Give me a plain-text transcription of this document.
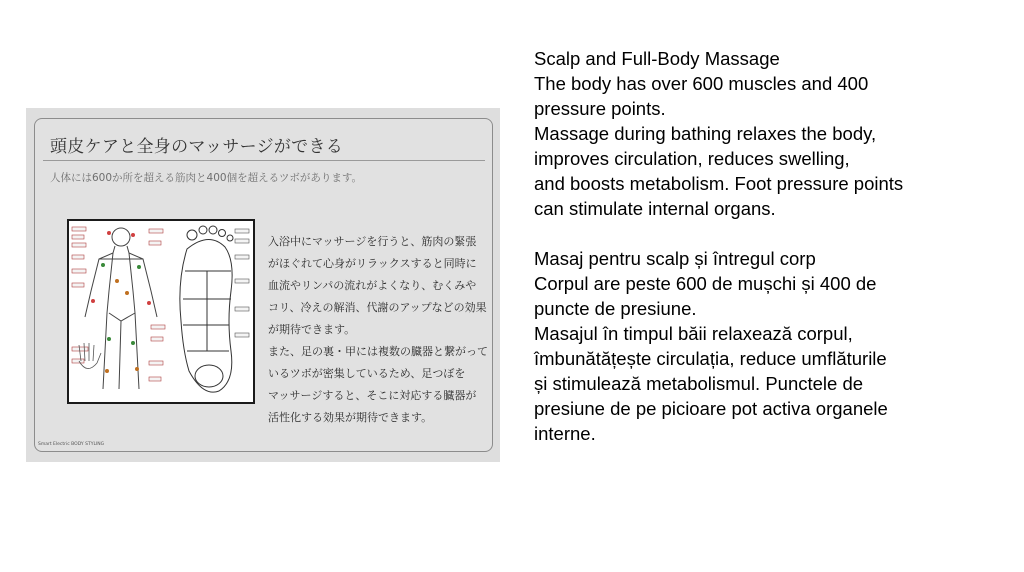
頭皮ケアと全身のマッサージができる
人体には600か所を超える筋肉と400個を超えるツボがあります。

入浴中にマッサージを行うと、筋肉の緊張

がほぐれて心身がリラックスすると同時に

血流やリンパの流れがよくなり、むくみや

コリ、冷えの解消、代謝のアップなどの効果

が期待できます。

また、足の裏・甲には複数の臓器と繋がって

いるツボが密集しているため、足つぼを

マッサージすると、そこに対応する臓器が

活性化する効果が期待できます。

Smart Electric BODY STYLING

Scalp and Full-Body Massage

The body has over 600 muscles and 400

pressure points.

Massage during bathing relaxes the body,

improves circulation, reduces swelling,

and boosts metabolism. Foot pressure points

can stimulate internal organs.

Masaj pentru scalp și întregul corp

Corpul are peste 600 de mușchi și 400 de

puncte de presiune.

Masajul în timpul băii relaxează corpul,

îmbunătățește circulația, reduce umflăturile

și stimulează metabolismul. Punctele de

presiune de pe picioare pot activa organele

interne.
